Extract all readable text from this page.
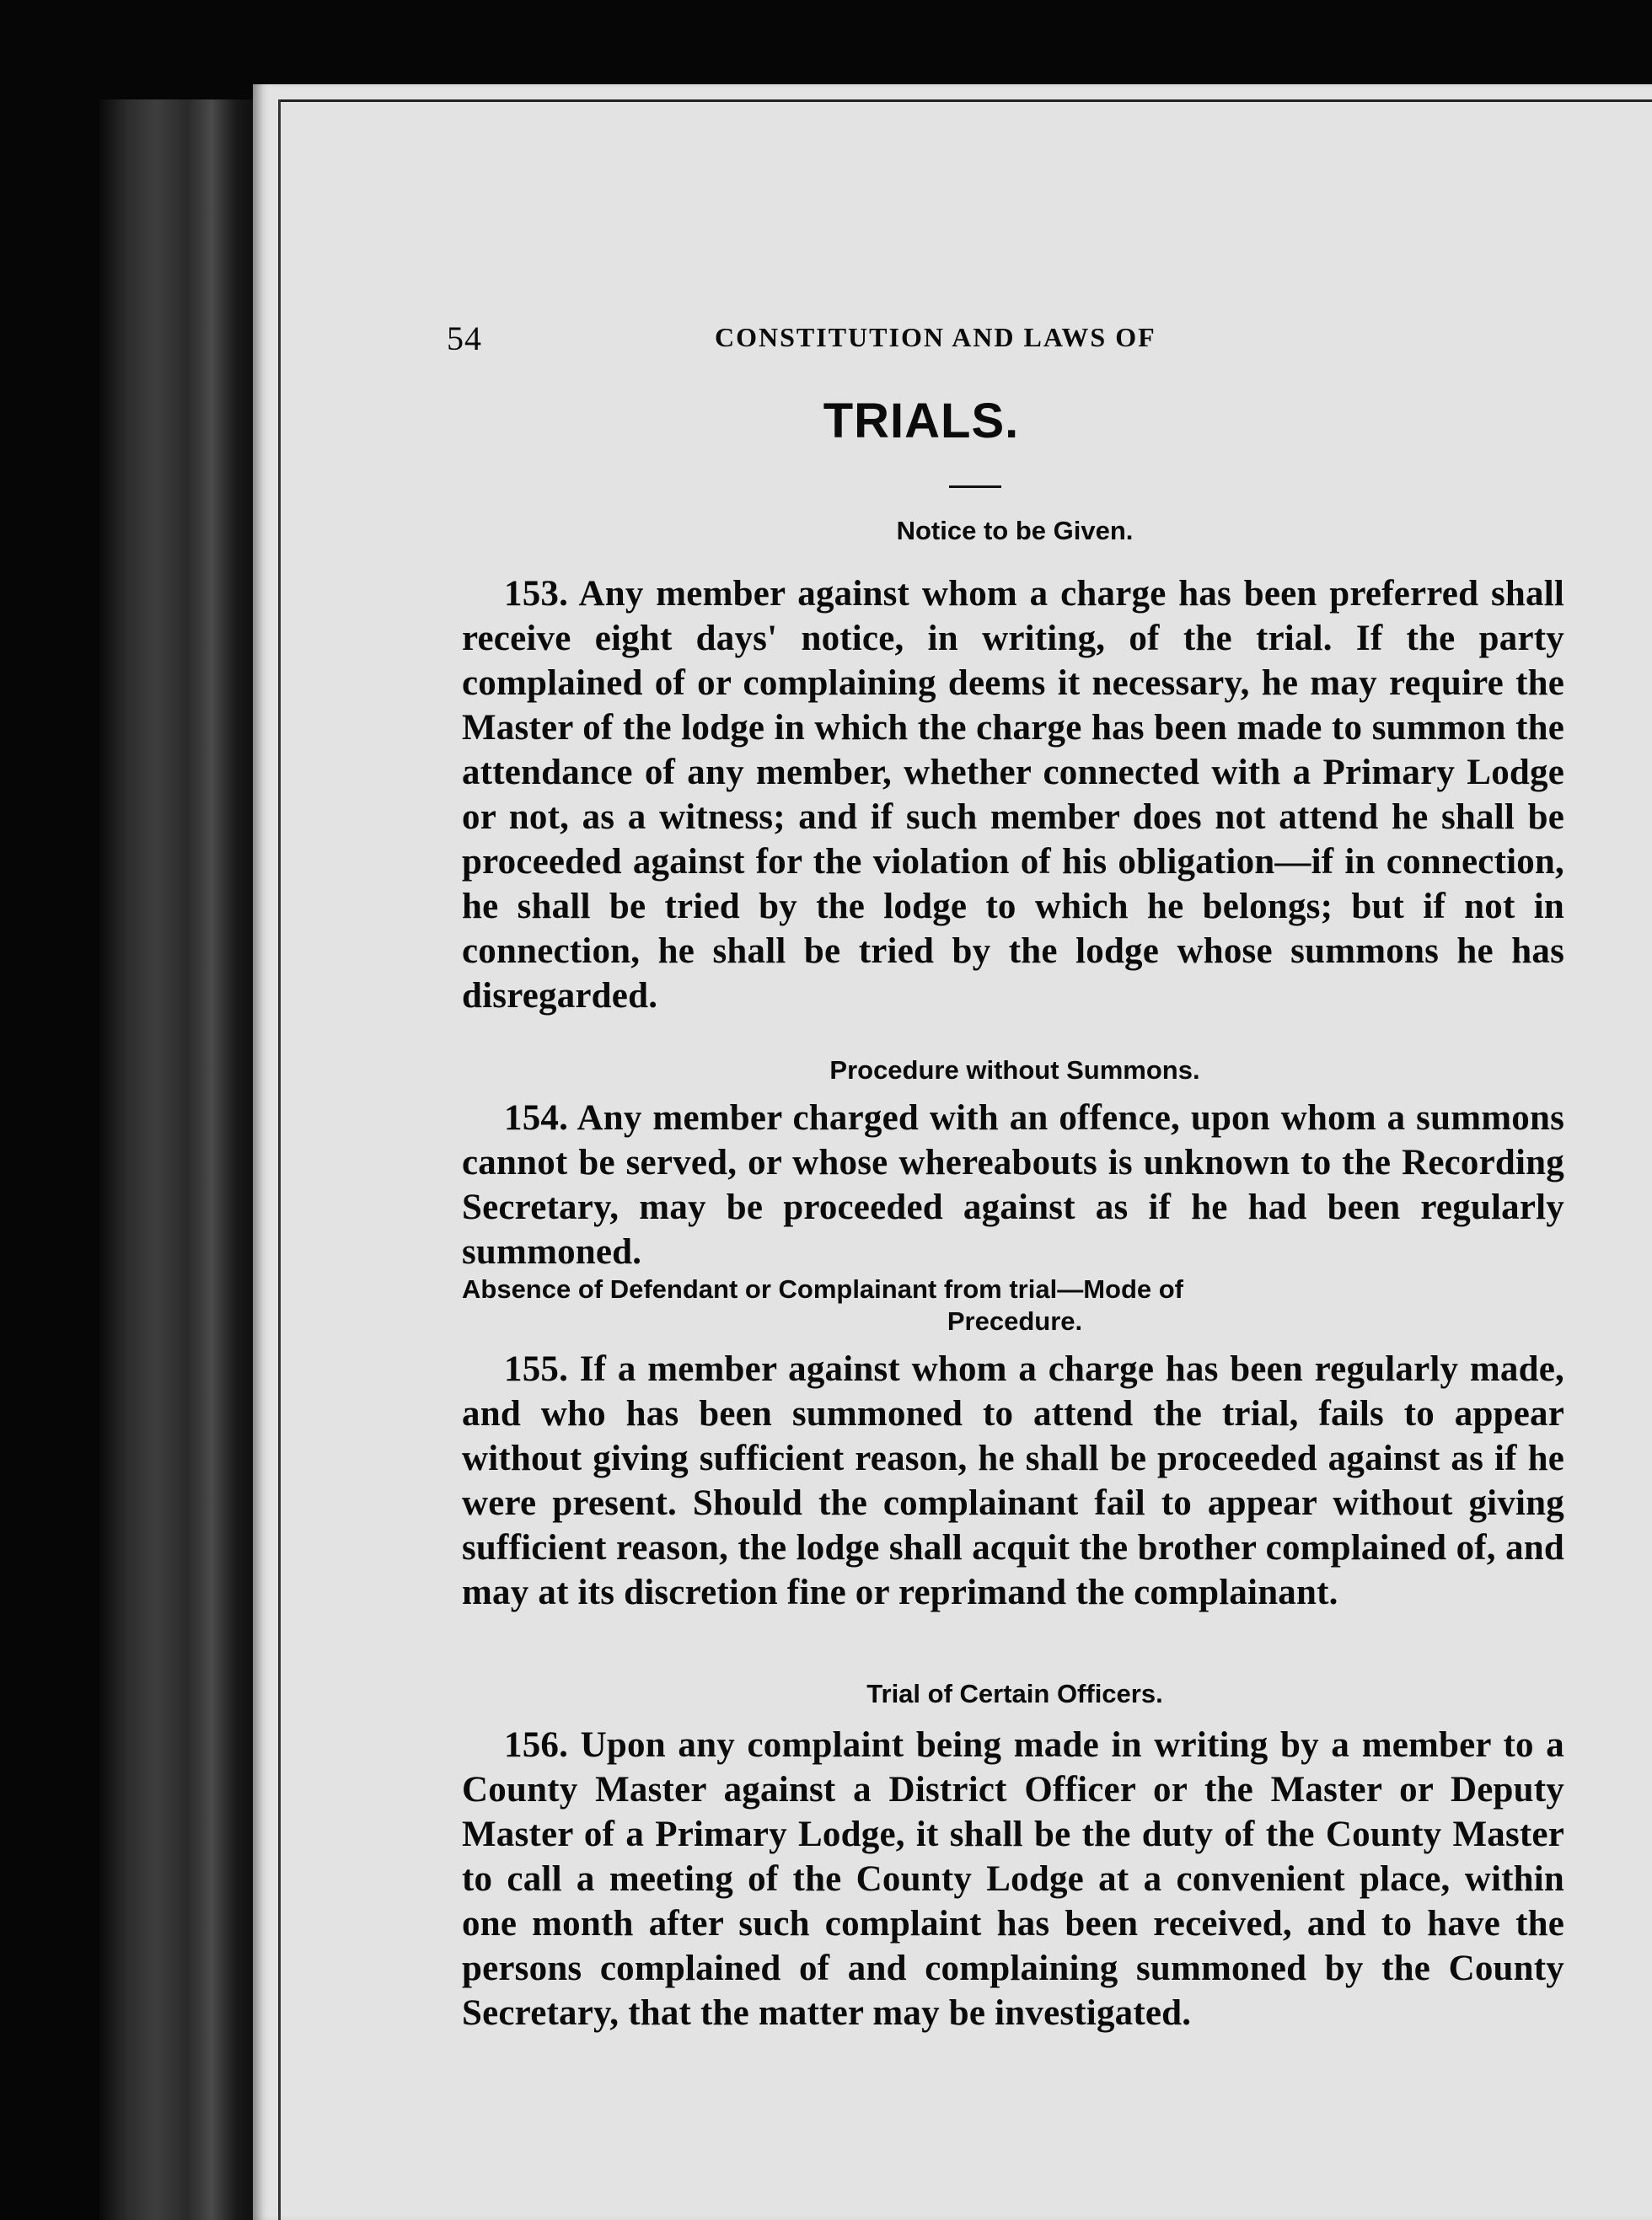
54	CONSTITUTION AND LAWS OF
TRIALS.
Notice to be Given.
153. Any member against whom a charge has been preferred shall receive eight days' notice, in writing, of the trial. If the party complained of or complaining deems it necessary, he may require the Master of the lodge in which the charge has been made to summon the attendance of any member, whether connected with a Primary Lodge or not, as a witness; and if such member does not attend he shall be proceeded against for the violation of his obligation—if in connection, he shall be tried by the lodge to which he belongs; but if not in connection, he shall be tried by the lodge whose summons he has disregarded.
Procedure without Summons.
154. Any member charged with an offence, upon whom a summons cannot be served, or whose whereabouts is unknown to the Recording Secretary, may be proceeded against as if he had been regularly summoned.
Absence of Defendant or Complainant from trial—Mode of
Precedure.
155. If a member against whom a charge has been regularly made, and who has been summoned to attend the trial, fails to appear without giving sufficient reason, he shall be proceeded against as if he were present. Should the complainant fail to appear without giving sufficient reason, the lodge shall acquit the brother complained of, and may at its discretion fine or reprimand the complainant.
Trial of Certain Officers.
156. Upon any complaint being made in writing by a member to a County Master against a District Officer or the Master or Deputy Master of a Primary Lodge, it shall be the duty of the County Master to call a meeting of the County Lodge at a convenient place, within one month after such complaint has been received, and to have the persons complained of and complaining summoned by the County Secretary, that the matter may be investigated.
